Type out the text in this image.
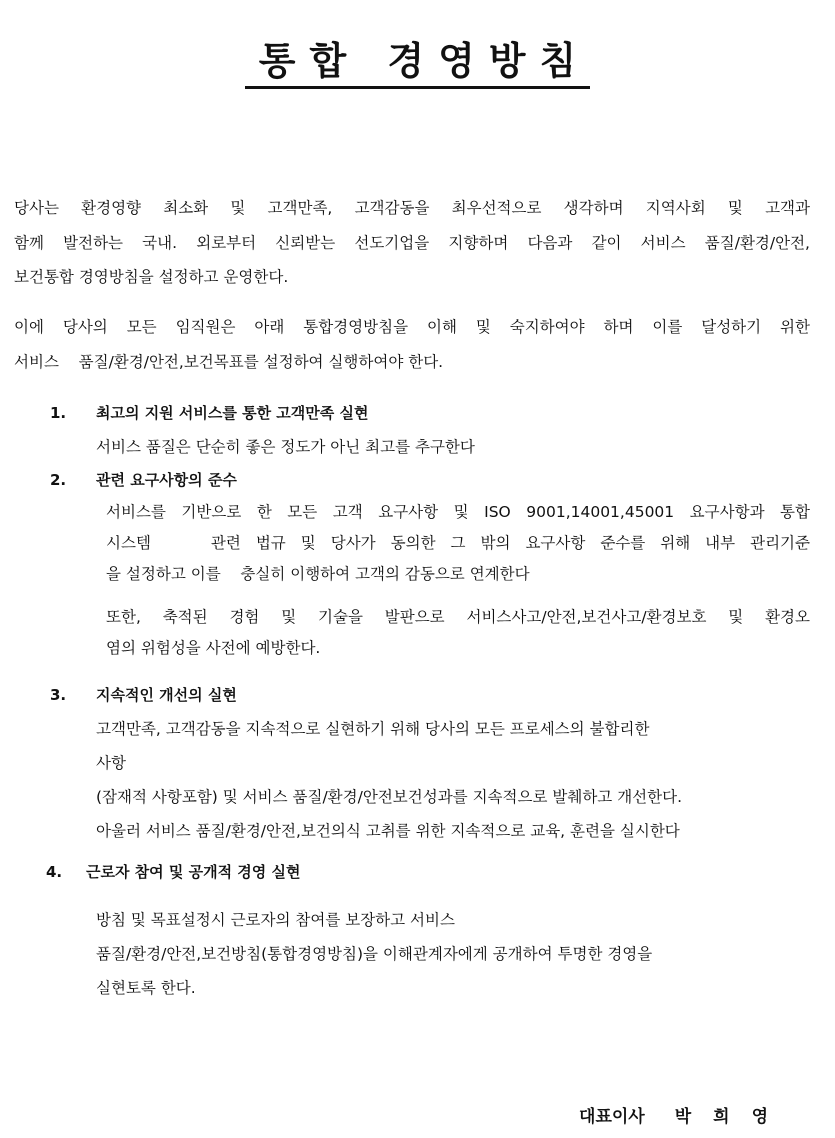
통합 경영방침
당사는 환경영향 최소화 및 고객만족, 고객감동을 최우선적으로 생각하며 지역사회 및 고객과
함께 발전하는 국내. 외로부터 신뢰받는 선도기업을 지향하며 다음과 같이 서비스 품질/환경/안전,
보건통합 경영방침을 설정하고 운영한다.
이에 당사의 모든 임직원은 아래 통합경영방침을 이해 및 숙지하여야 하며 이를 달성하기 위한
서비스    품질/환경/안전,보건목표를 설정하여 실행하여야 한다.
1. 최고의 지원 서비스를 통한 고객만족 실현
서비스 품질은 단순히 좋은 정도가 아닌 최고를 추구한다
2. 관련 요구사항의 준수
서비스를 기반으로 한 모든 고객 요구사항 및 ISO 9001,14001,45001 요구사항과 통합
시스템    관련 법규 및 당사가 동의한 그 밖의 요구사항 준수를 위해 내부 관리기준
을 설정하고 이를    충실히 이행하여 고객의 감동으로 연계한다
또한, 축적된 경험 및 기술을 발판으로 서비스사고/안전,보건사고/환경보호 및 환경오
염의 위험성을 사전에 예방한다.
3. 지속적인 개선의 실현
고객만족, 고객감동을 지속적으로 실현하기 위해 당사의 모든 프로세스의 불합리한
사항
(잠재적 사항포함) 및 서비스 품질/환경/안전보건성과를 지속적으로 발췌하고 개선한다.
아울러 서비스 품질/환경/안전,보건의식 고취를 위한 지속적으로 교육, 훈련을 실시한다
4. 근로자 참여 및 공개적 경영 실현
방침 및 목표설정시 근로자의 참여를 보장하고 서비스
품질/환경/안전,보건방침(통합경영방침)을 이해관계자에게 공개하여 투명한 경영을
실현토록 한다.
대표이사 박희영
